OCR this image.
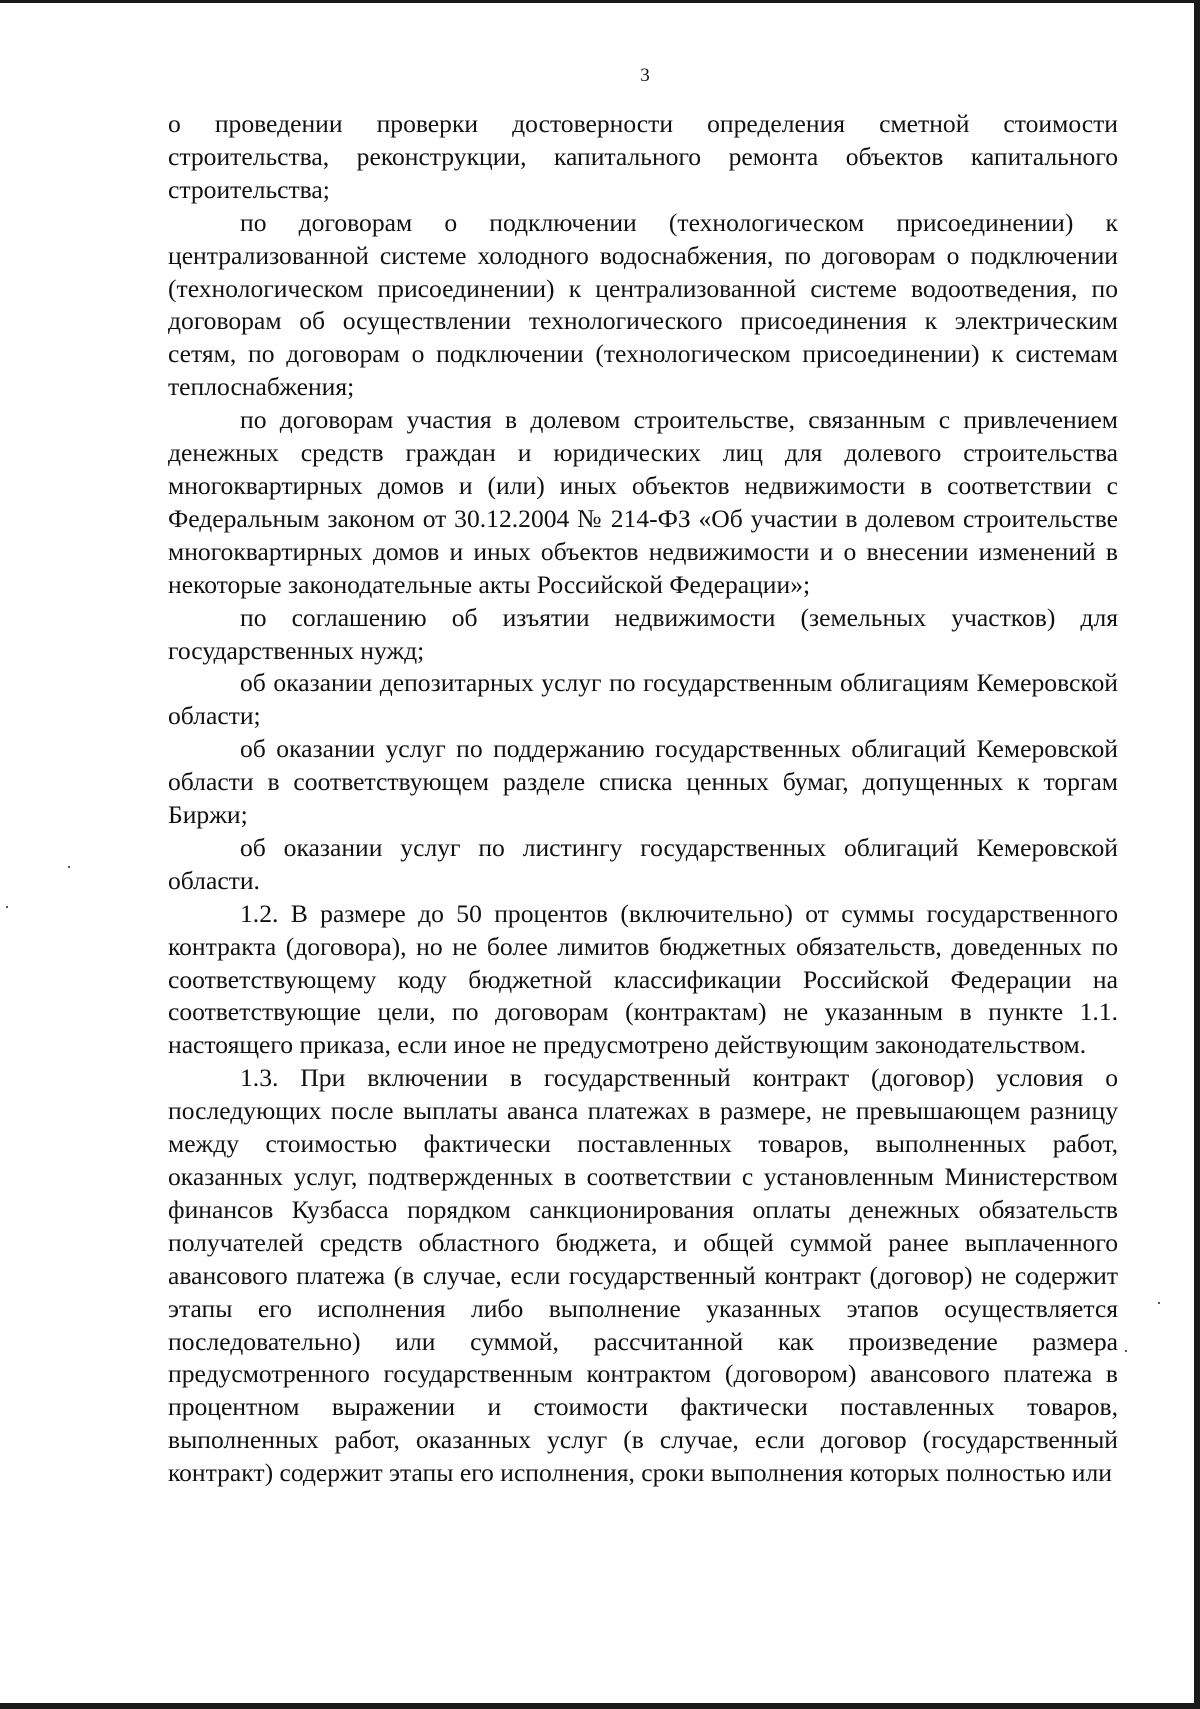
3

о проведении проверки достоверности определения сметной стоимости строительства, реконструкции, капитального ремонта объектов капитального строительства;

по договорам о подключении (технологическом присоединении) к централизованной системе холодного водоснабжения, по договорам о подключении (технологическом присоединении) к централизованной системе водоотведения, по договорам об осуществлении технологического присоединения к электрическим сетям, по договорам о подключении (технологическом присоединении) к системам теплоснабжения;

по договорам участия в долевом строительстве, связанным с привлечением денежных средств граждан и юридических лиц для долевого строительства многоквартирных домов и (или) иных объектов недвижимости в соответствии с Федеральным законом от 30.12.2004 № 214-ФЗ «Об участии в долевом строительстве многоквартирных домов и иных объектов недвижимости и о внесении изменений в некоторые законодательные акты Российской Федерации»;

по соглашению об изъятии недвижимости (земельных участков) для государственных нужд;

об оказании депозитарных услуг по государственным облигациям Кемеровской области;

об оказании услуг по поддержанию государственных облигаций Кемеровской области в соответствующем разделе списка ценных бумаг, допущенных к торгам Биржи;

об оказании услуг по листингу государственных облигаций Кемеровской области.

1.2. В размере до 50 процентов (включительно) от суммы государственного контракта (договора), но не более лимитов бюджетных обязательств, доведенных по соответствующему коду бюджетной классификации Российской Федерации на соответствующие цели, по договорам (контрактам) не указанным в пункте 1.1. настоящего приказа, если иное не предусмотрено действующим законодательством.

1.3. При включении в государственный контракт (договор) условия о последующих после выплаты аванса платежах в размере, не превышающем разницу между стоимостью фактически поставленных товаров, выполненных работ, оказанных услуг, подтвержденных в соответствии с установленным Министерством финансов Кузбасса порядком санкционирования оплаты денежных обязательств получателей средств областного бюджета, и общей суммой ранее выплаченного авансового платежа (в случае, если государственный контракт (договор) не содержит этапы его исполнения либо выполнение указанных этапов осуществляется последовательно) или суммой, рассчитанной как произведение размера предусмотренного государственным контрактом (договором) авансового платежа в процентном выражении и стоимости фактически поставленных товаров, выполненных работ, оказанных услуг (в случае, если договор (государственный контракт) содержит этапы его исполнения, сроки выполнения которых полностью или
